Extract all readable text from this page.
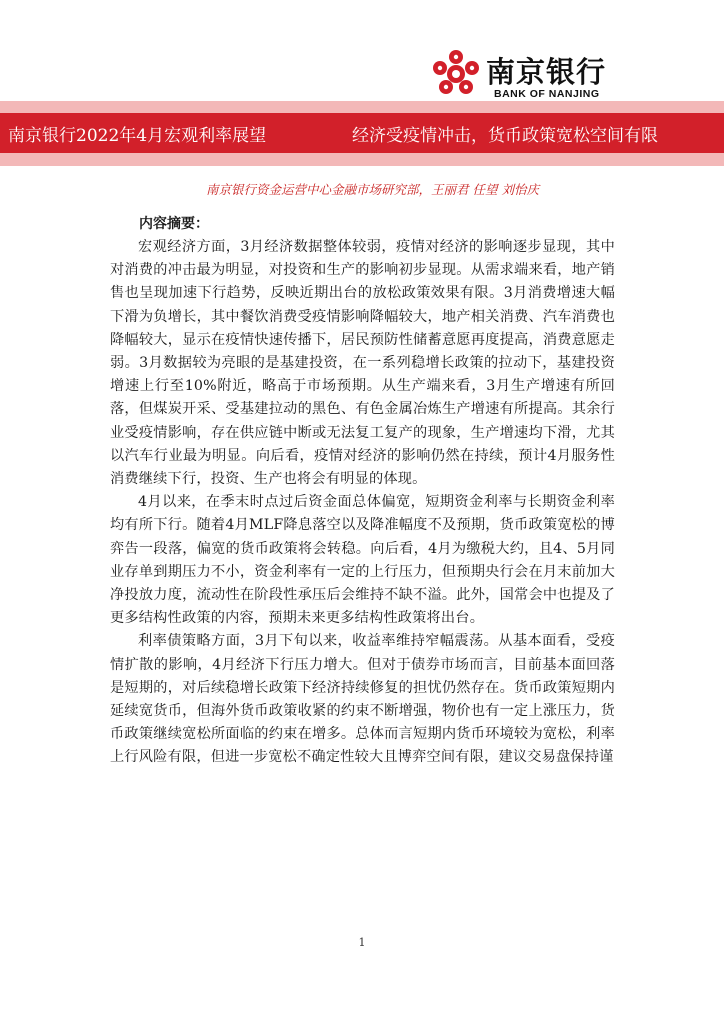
南京银行
BANK OF NANJING
南京银行2022年4月宏观利率展望	经济受疫情冲击，货币政策宽松空间有限
南京银行资金运营中心金融市场研究部，王丽君 任望 刘怡庆
内容摘要：

宏观经济方面，3月经济数据整体较弱，疫情对经济的影响逐步显现，其中对消费的冲击最为明显，对投资和生产的影响初步显现。从需求端来看，地产销售也呈现加速下行趋势，反映近期出台的放松政策效果有限。3月消费增速大幅下滑为负增长，其中餐饮消费受疫情影响降幅较大，地产相关消费、汽车消费也降幅较大，显示在疫情快速传播下，居民预防性储蓄意愿再度提高，消费意愿走弱。3月数据较为亮眼的是基建投资，在一系列稳增长政策的拉动下，基建投资增速上行至10%附近，略高于市场预期。从生产端来看，3月生产增速有所回落，但煤炭开采、受基建拉动的黑色、有色金属冶炼生产增速有所提高。其余行业受疫情影响，存在供应链中断或无法复工复产的现象，生产增速均下滑，尤其以汽车行业最为明显。向后看，疫情对经济的影响仍然在持续，预计4月服务性消费继续下行，投资、生产也将会有明显的体现。

4月以来，在季末时点过后资金面总体偏宽，短期资金利率与长期资金利率均有所下行。随着4月MLF降息落空以及降准幅度不及预期，货币政策宽松的博弈告一段落，偏宽的货币政策将会转稳。向后看，4月为缴税大约，且4、5月同业存单到期压力不小，资金利率有一定的上行压力，但预期央行会在月末前加大净投放力度，流动性在阶段性承压后会维持不缺不溢。此外，国常会中也提及了更多结构性政策的内容，预期未来更多结构性政策将出台。

利率债策略方面，3月下旬以来，收益率维持窄幅震荡。从基本面看，受疫情扩散的影响，4月经济下行压力增大。但对于债券市场而言，目前基本面回落是短期的，对后续稳增长政策下经济持续修复的担忧仍然存在。货币政策短期内延续宽货币，但海外货币政策收紧的约束不断增强，物价也有一定上涨压力，货币政策继续宽松所面临的约束在增多。总体而言短期内货币环境较为宽松，利率上行风险有限，但进一步宽松不确定性较大且博弈空间有限，建议交易盘保持谨

1
